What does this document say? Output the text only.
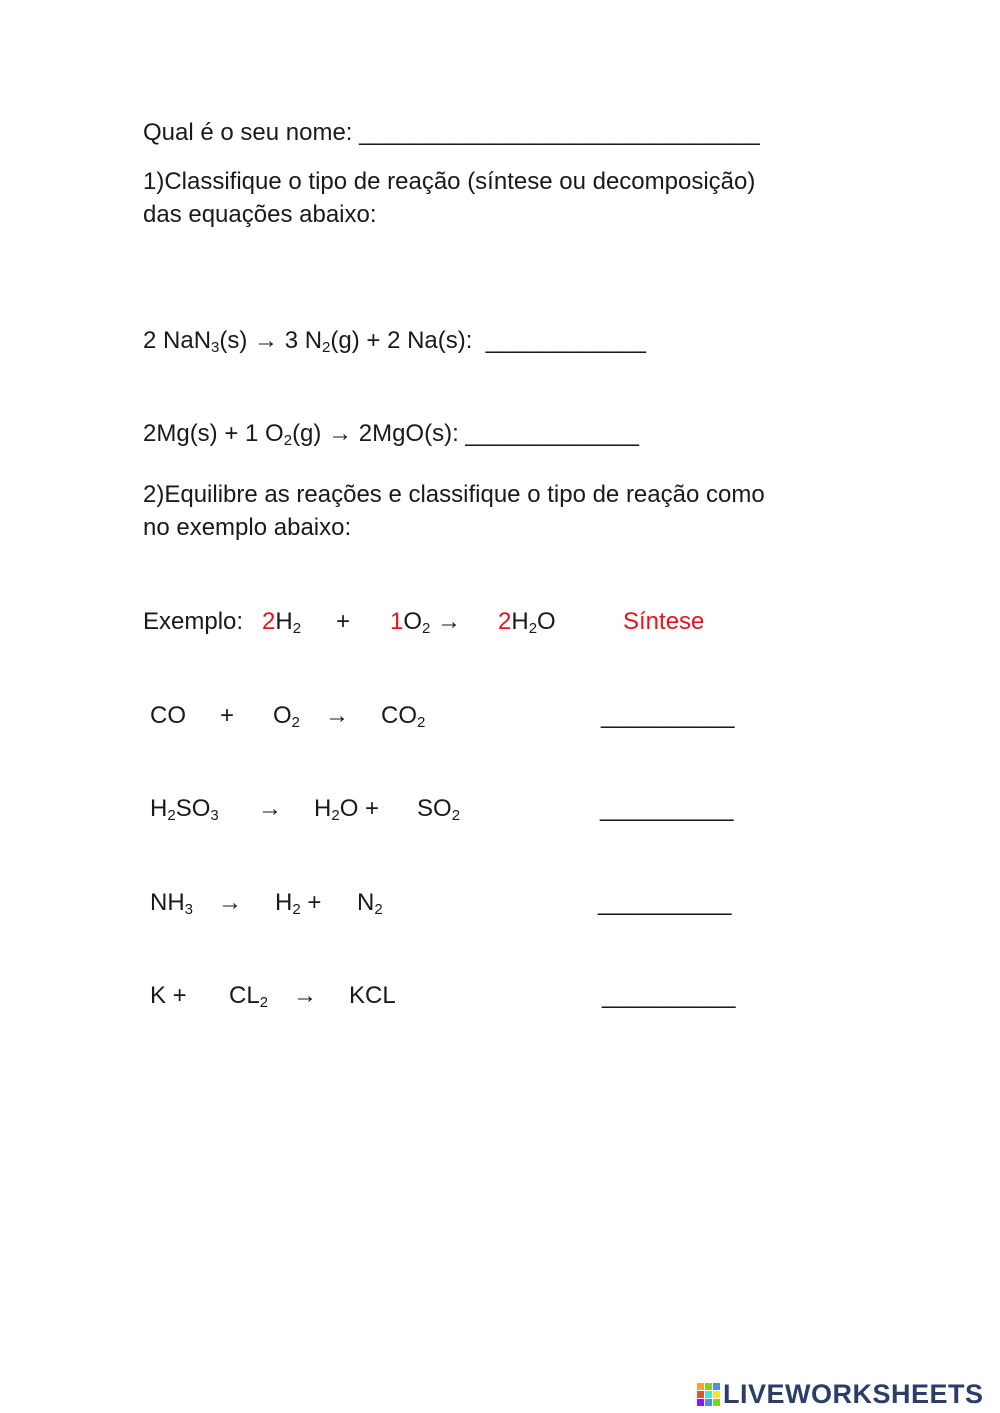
Qual é o seu nome: ______________________________
1)Classifique o tipo de reação (síntese ou decomposição)
das equações abaixo:

2 NaN$_3$(s) → 3 $N_2(g) + 2$ Na(s):  ____________

2Mg(s) + 1 $O_2(g) \to 2MgO(s)$: _____________

2)Equilibre as reações e classifique o tipo de reação como
no exemplo abaixo:
Exemplo: $2H_2 + 1O_2 \to 2H_2O$	Síntese
CO + $O_2 \to CO_2$	__________
$H_2SO_3 \to H_2O + SO_2$	__________
$NH_3 \to H_2 + N_2$	__________
$K + CL_2$ → KCL	__________
LIVEWORKSHEETS
